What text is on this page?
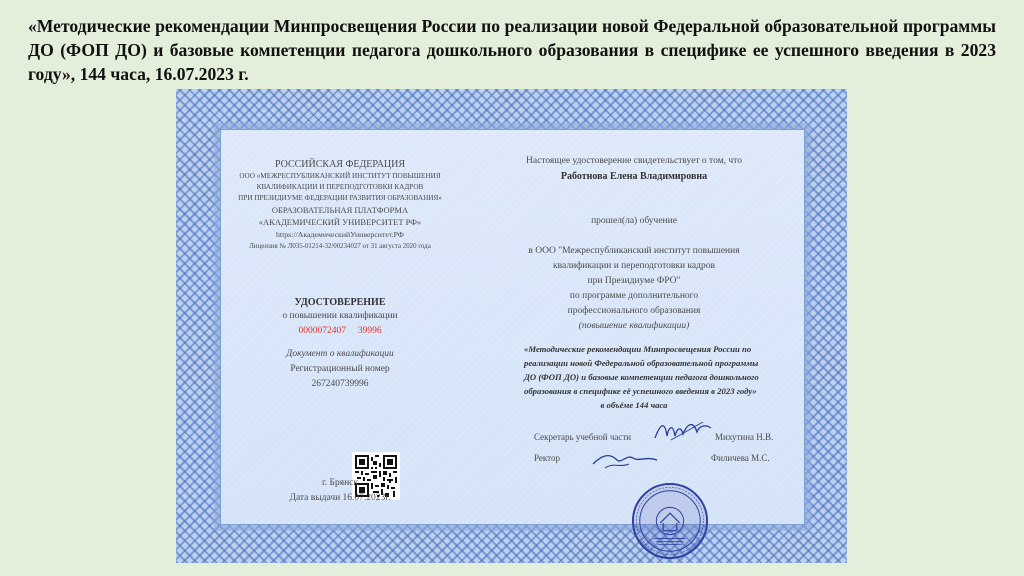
«Методические рекомендации Минпросвещения России по реализации новой Федеральной образовательной программы ДО (ФОП ДО) и базовые компетенции педагога дошкольного образования в специфике ее успешного введения в 2023 году», 144 часа, 16.07.2023 г.
РОССИЙСКАЯ ФЕДЕРАЦИЯ
ООО «МЕЖРЕСПУБЛИКАНСКИЙ ИНСТИТУТ ПОВЫШЕНИЯ
КВАЛИФИКАЦИИ И ПЕРЕПОДГОТОВКИ КАДРОВ
ПРИ ПРЕЗИДИУМЕ ФЕДЕРАЦИИ РАЗВИТИЯ ОБРАЗОВАНИЯ»
ОБРАЗОВАТЕЛЬНАЯ ПЛАТФОРМА
«АКАДЕМИЧЕСКИЙ УНИВЕРСИТЕТ РФ»
https://АкадемическийУниверситет.РФ
Лицензия № Л035-01214-32/00234027 от 31 августа 2020 года
УДОСТОВЕРЕНИЕ
о повышении квалификации
0000072407     39996
Документ о квалификации
Регистрационный номер
267240739996
г. Брянск
Дата выдачи 16.07.2023г.
Настоящее удостоверение свидетельствует о том, что
Работнова Елена Владимировна
прошел(ла) обучение
в ООО "Межреспубликанский институт повышения
квалификации и переподготовки кадров
при Президиуме ФРО"
по программе дополнительного
профессионального образования
(повышение квалификации)
«Методические рекомендации Минпросвещения России по
реализации новой Федеральной образовательной программы
ДО (ФОП ДО) и базовые компетенции педагога дошкольного
образования в специфике её успешного введения в 2023 году»
в объёме 144 часа
Секретарь учебной части	Михутина Н.В.
Ректор	Филичева М.С.
